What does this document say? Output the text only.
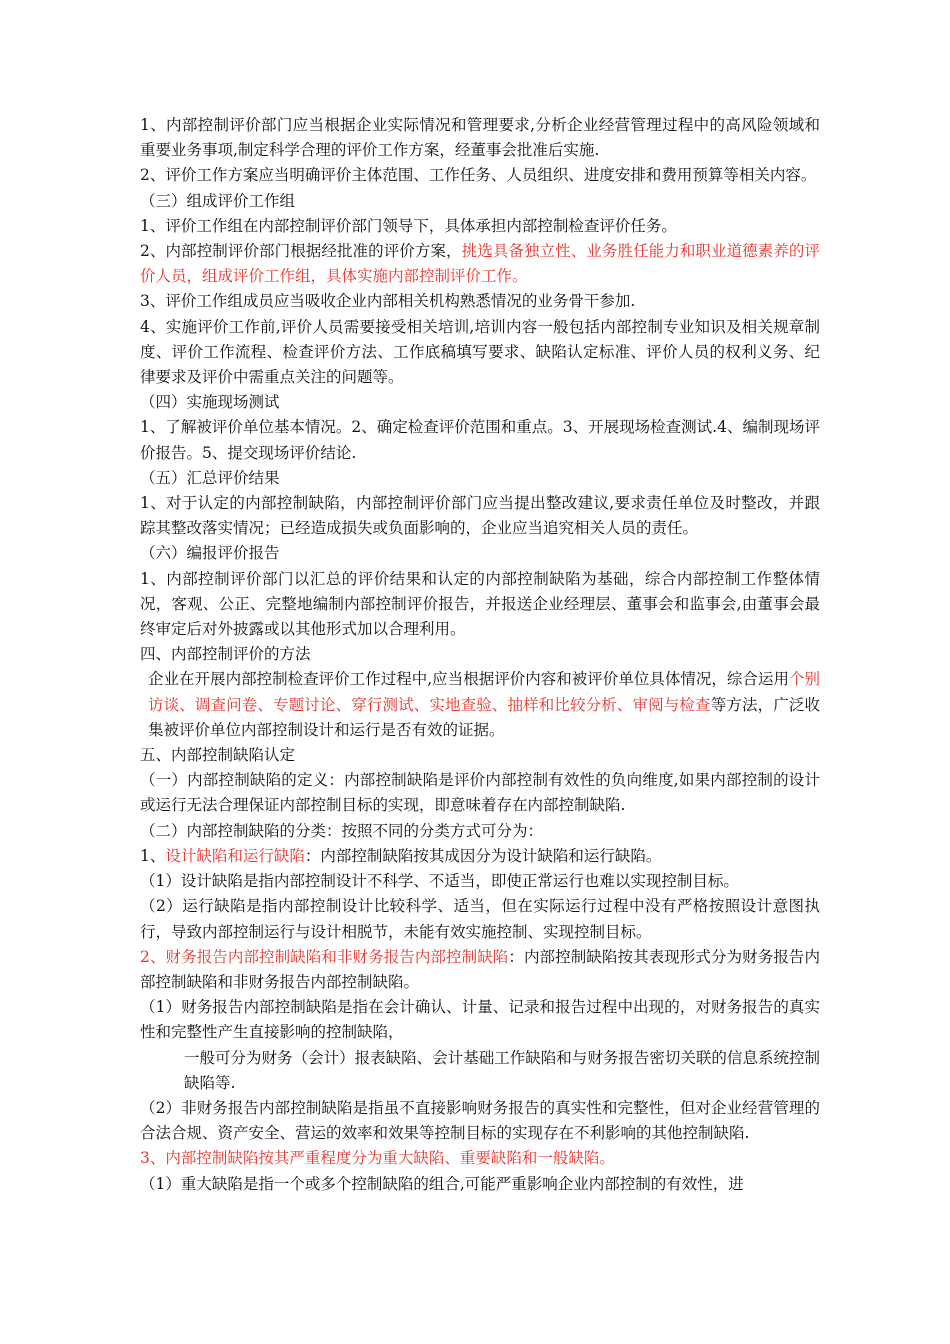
1、内部控制评价部门应当根据企业实际情况和管理要求,分析企业经营管理过程中的高风险领域和重要业务事项,制定科学合理的评价工作方案，经董事会批准后实施.

2、评价工作方案应当明确评价主体范围、工作任务、人员组织、进度安排和费用预算等相关内容。

（三）组成评价工作组

1、评价工作组在内部控制评价部门领导下，具体承担内部控制检查评价任务。

2、内部控制评价部门根据经批准的评价方案，挑选具备独立性、业务胜任能力和职业道德素养的评价人员，组成评价工作组，具体实施内部控制评价工作。

3、评价工作组成员应当吸收企业内部相关机构熟悉情况的业务骨干参加.

4、实施评价工作前,评价人员需要接受相关培训,培训内容一般包括内部控制专业知识及相关规章制度、评价工作流程、检查评价方法、工作底稿填写要求、缺陷认定标准、评价人员的权利义务、纪律要求及评价中需重点关注的问题等。

（四）实施现场测试

1、了解被评价单位基本情况。2、确定检查评价范围和重点。3、开展现场检查测试.4、编制现场评价报告。5、提交现场评价结论.

（五）汇总评价结果

1、对于认定的内部控制缺陷，内部控制评价部门应当提出整改建议,要求责任单位及时整改，并跟踪其整改落实情况；已经造成损失或负面影响的，企业应当追究相关人员的责任。

（六）编报评价报告

1、内部控制评价部门以汇总的评价结果和认定的内部控制缺陷为基础，综合内部控制工作整体情况，客观、公正、完整地编制内部控制评价报告，并报送企业经理层、董事会和监事会,由董事会最终审定后对外披露或以其他形式加以合理利用。

四、内部控制评价的方法

企业在开展内部控制检查评价工作过程中,应当根据评价内容和被评价单位具体情况，综合运用个别访谈、调查问卷、专题讨论、穿行测试、实地查验、抽样和比较分析、审阅与检查等方法，广泛收集被评价单位内部控制设计和运行是否有效的证据。

五、内部控制缺陷认定

（一）内部控制缺陷的定义：内部控制缺陷是评价内部控制有效性的负向维度,如果内部控制的设计或运行无法合理保证内部控制目标的实现，即意味着存在内部控制缺陷.

（二）内部控制缺陷的分类：按照不同的分类方式可分为：

1、设计缺陷和运行缺陷：内部控制缺陷按其成因分为设计缺陷和运行缺陷。

（1）设计缺陷是指内部控制设计不科学、不适当，即使正常运行也难以实现控制目标。

（2）运行缺陷是指内部控制设计比较科学、适当，但在实际运行过程中没有严格按照设计意图执行，导致内部控制运行与设计相脱节，未能有效实施控制、实现控制目标。

2、财务报告内部控制缺陷和非财务报告内部控制缺陷：内部控制缺陷按其表现形式分为财务报告内部控制缺陷和非财务报告内部控制缺陷。

（1）财务报告内部控制缺陷是指在会计确认、计量、记录和报告过程中出现的，对财务报告的真实性和完整性产生直接影响的控制缺陷，

一般可分为财务（会计）报表缺陷、会计基础工作缺陷和与财务报告密切关联的信息系统控制缺陷等.

（2）非财务报告内部控制缺陷是指虽不直接影响财务报告的真实性和完整性，但对企业经营管理的合法合规、资产安全、营运的效率和效果等控制目标的实现存在不利影响的其他控制缺陷.

3、内部控制缺陷按其严重程度分为重大缺陷、重要缺陷和一般缺陷。

（1）重大缺陷是指一个或多个控制缺陷的组合,可能严重影响企业内部控制的有效性，进
